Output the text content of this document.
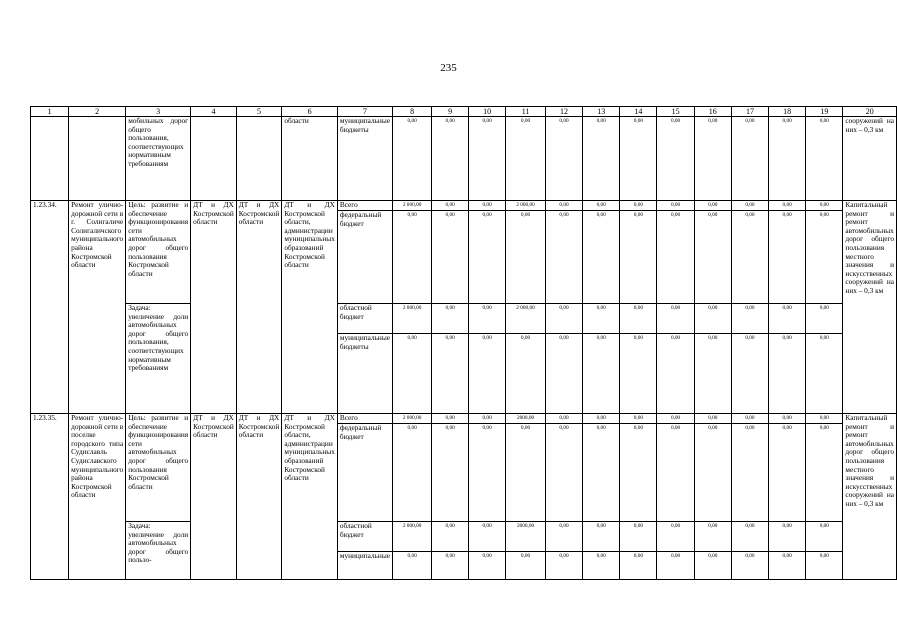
235
1	2	3	4	5	6	7	8	9	10	11	12	13	14	15	16	17	18	19	20
		мобильных дорог общего пользования, соответствующих нормативным требованиям			области	муниципальные бюджеты	0,00	0,00	0,00	0,00	0,00	0,00	0,00	0,00	0,00	0,00	0,00	0,00	сооружений на них – 0,3 км
1.23.34.	Ремонт улично-дорожной сети в г. Солигаличе Солигаличского муниципального района Костромской области	Цель: развитие и обеспечение функционирования сети автомобильных дорог общего пользования Костромской области	ДТ и ДХ Костромской области	ДТ и ДХ Костромской области	ДТ и ДХ Костромской области, администрации муниципальных образований Костромской области	Всего	2 000,00	0,00	0,00	2 000,00	0,00	0,00	0,00	0,00	0,00	0,00	0,00	0,00	Капитальный ремонт и ремонт автомобильных дорог общего пользования местного значения и искусственных сооружений на них – 0,3 км
						федеральный бюджет	0,00	0,00	0,00	0,00	0,00	0,00	0,00	0,00	0,00	0,00	0,00	0,00	
		Задача: увеличение доли автомобильных дорог общего пользования, соответствующих нормативным требованиям				областной бюджет	2 000,00	0,00	0,00	2 000,00	0,00	0,00	0,00	0,00	0,00	0,00	0,00	0,00	
						муниципальные бюджеты	0,00	0,00	0,00	0,00	0,00	0,00	0,00	0,00	0,00	0,00	0,00	0,00	
1.23.35.	Ремонт улично-дорожной сети в поселке городского типа Судиславль Судиславского муниципального района Костромской области	Цель: развитие и обеспечение функционирования сети автомобильных дорог общего пользования Костромской области	ДТ и ДХ Костромской области	ДТ и ДХ Костромской области	ДТ и ДХ Костромской области, администрации муниципальных образований Костромской области	Всего	2 000,00	0,00	0,00	2000,00	0,00	0,00	0,00	0,00	0,00	0,00	0,00	0,00	Капитальный ремонт и ремонт автомобильных дорог общего пользования местного значения и искусственных сооружений на них – 0,3 км
						федеральный бюджет	0,00	0,00	0,00	0,00	0,00	0,00	0,00	0,00	0,00	0,00	0,00	0,00	
		Задача: увеличение доли автомобильных дорог общего пользо-				областной бюджет	2 000,00	0,00	0,00	2000,00	0,00	0,00	0,00	0,00	0,00	0,00	0,00	0,00	
						муниципальные	0,00	0,00	0,00	0,00	0,00	0,00	0,00	0,00	0,00	0,00	0,00	0,00	
